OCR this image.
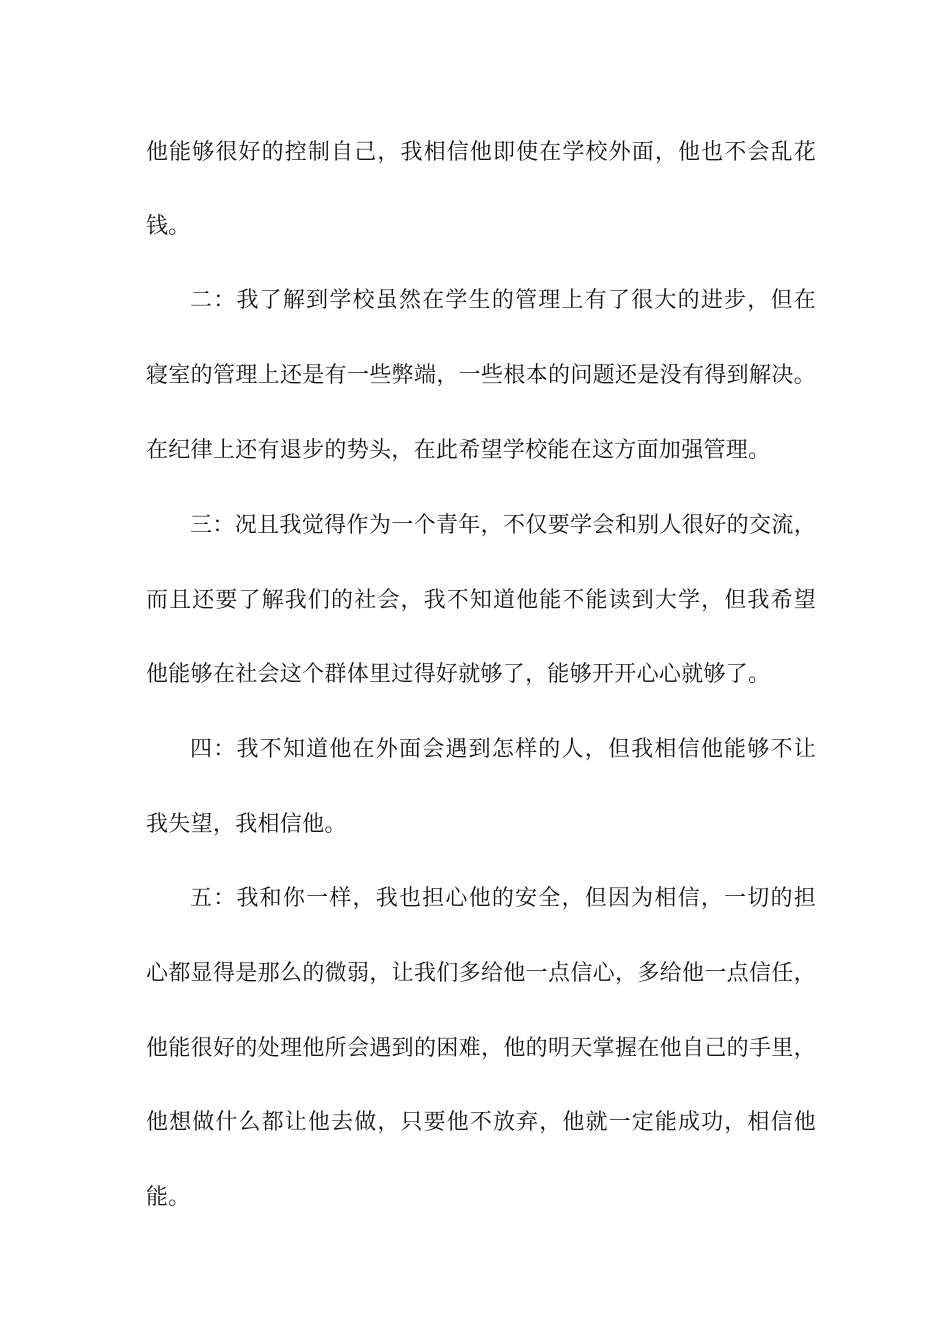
他能够很好的控制自己，我相信他即使在学校外面，他也不会乱花
钱。
二：我了解到学校虽然在学生的管理上有了很大的进步，但在
寝室的管理上还是有一些弊端，一些根本的问题还是没有得到解决。
在纪律上还有退步的势头，在此希望学校能在这方面加强管理。
三：况且我觉得作为一个青年，不仅要学会和别人很好的交流，
而且还要了解我们的社会，我不知道他能不能读到大学，但我希望
他能够在社会这个群体里过得好就够了，能够开开心心就够了。
四：我不知道他在外面会遇到怎样的人，但我相信他能够不让
我失望，我相信他。
五：我和你一样，我也担心他的安全，但因为相信，一切的担
心都显得是那么的微弱，让我们多给他一点信心，多给他一点信任，
他能很好的处理他所会遇到的困难，他的明天掌握在他自己的手里，
他想做什么都让他去做，只要他不放弃，他就一定能成功，相信他
能。
